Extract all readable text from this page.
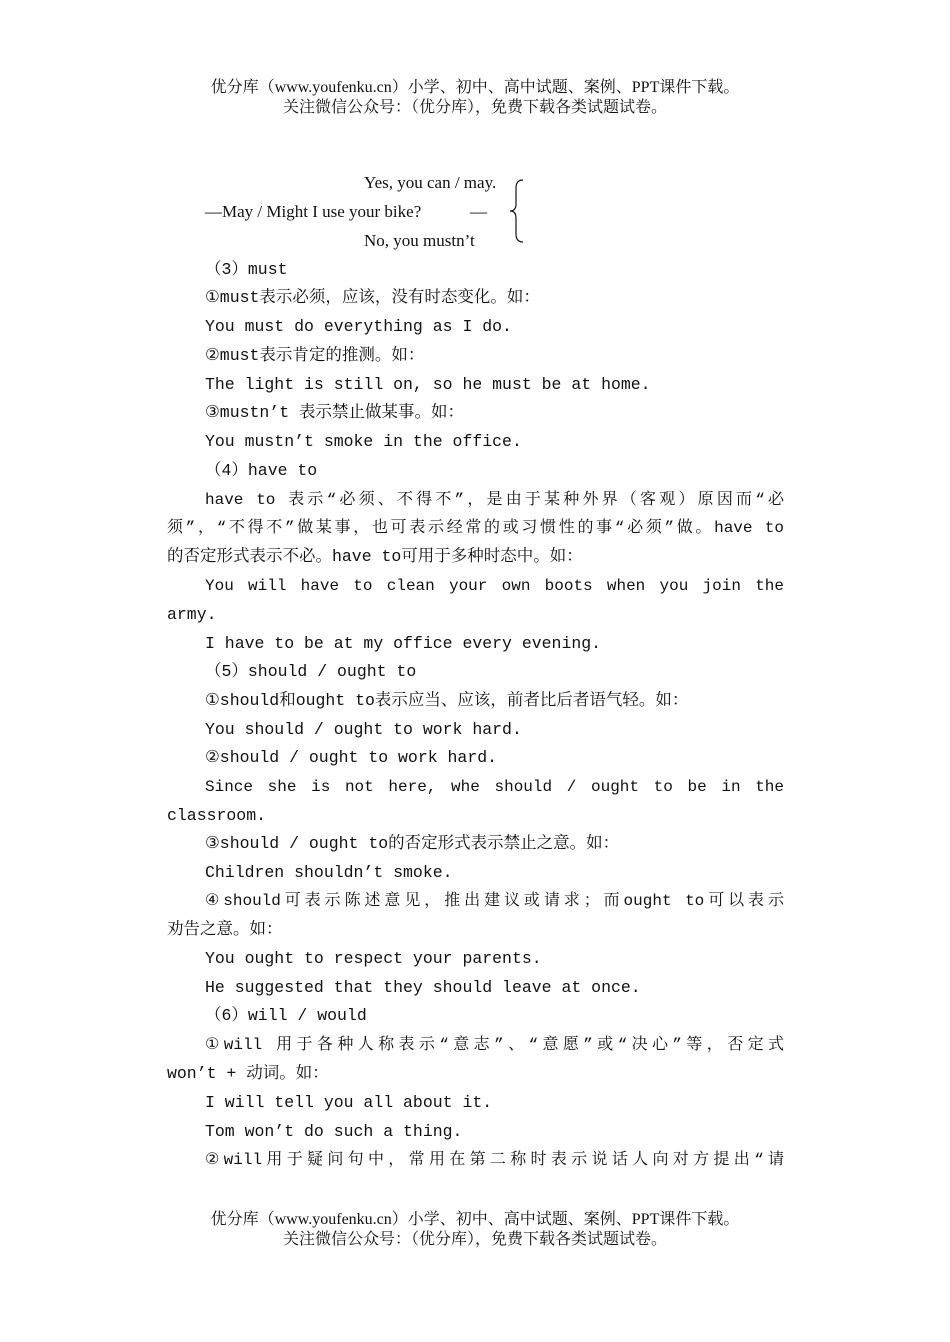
优分库（www.youfenku.cn）小学、初中、高中试题、案例、PPT课件下载。
关注微信公众号：（优分库），免费下载各类试题试卷。
Yes, you can / may.
—May / Might I use your bike?	—
No, you mustn’t
（3）must
①must表示必须，应该，没有时态变化。如：
You must do everything as I do.
②must表示肯定的推测。如：
The light is still on, so he must be at home.
③mustn’t 表示禁止做某事。如：
You mustn’t smoke in the office.
（4）have to
have to 表示“必须、不得不”，是由于某种外界（客观）原因而“必
须”，“不得不”做某事，也可表示经常的或习惯性的事“必须”做。have to
的否定形式表示不必。have to可用于多种时态中。如：
You will have to clean your own boots when you join the
army.
I have to be at my office every evening.
（5）should / ought to
①should和ought to表示应当、应该，前者比后者语气轻。如：
You should / ought to work hard.
②should / ought to work hard.
Since she is not here, whe should / ought to be in the
classroom.
③should / ought to的否定形式表示禁止之意。如：
Children shouldn’t smoke.
④should可表示陈述意见，推出建议或请求；而ought to可以表示
劝告之意。如：
You ought to respect your parents.
He suggested that they should leave at once.
（6）will / would
①will 用于各种人称表示“意志”、“意愿”或“决心”等，否定式
won’t + 动词。如：
I will tell you all about it.
Tom won’t do such a thing.
②will用于疑问句中，常用在第二称时表示说话人向对方提出“请
优分库（www.youfenku.cn）小学、初中、高中试题、案例、PPT课件下载。
关注微信公众号：（优分库），免费下载各类试题试卷。
